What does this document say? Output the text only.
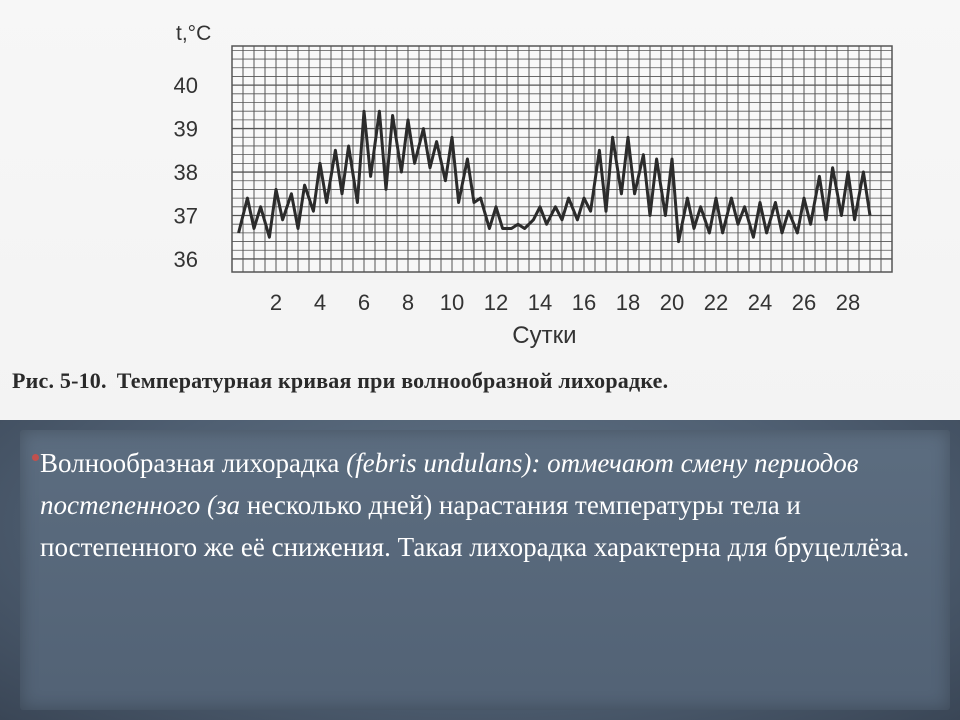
36
37
38
39
40
t,°C
2 4 6 8 10 12 14 16 18 20 22 24 26 28
Сутки
Рис. 5-10. Температурная кривая при волнообразной лихорадке.
Волнообразная лихорадка (febris undulans): отмечают смену периодов постепенного (за несколько дней) нарастания температуры тела и постепенного же её снижения. Такая лихорадка характерна для бруцеллёза.
